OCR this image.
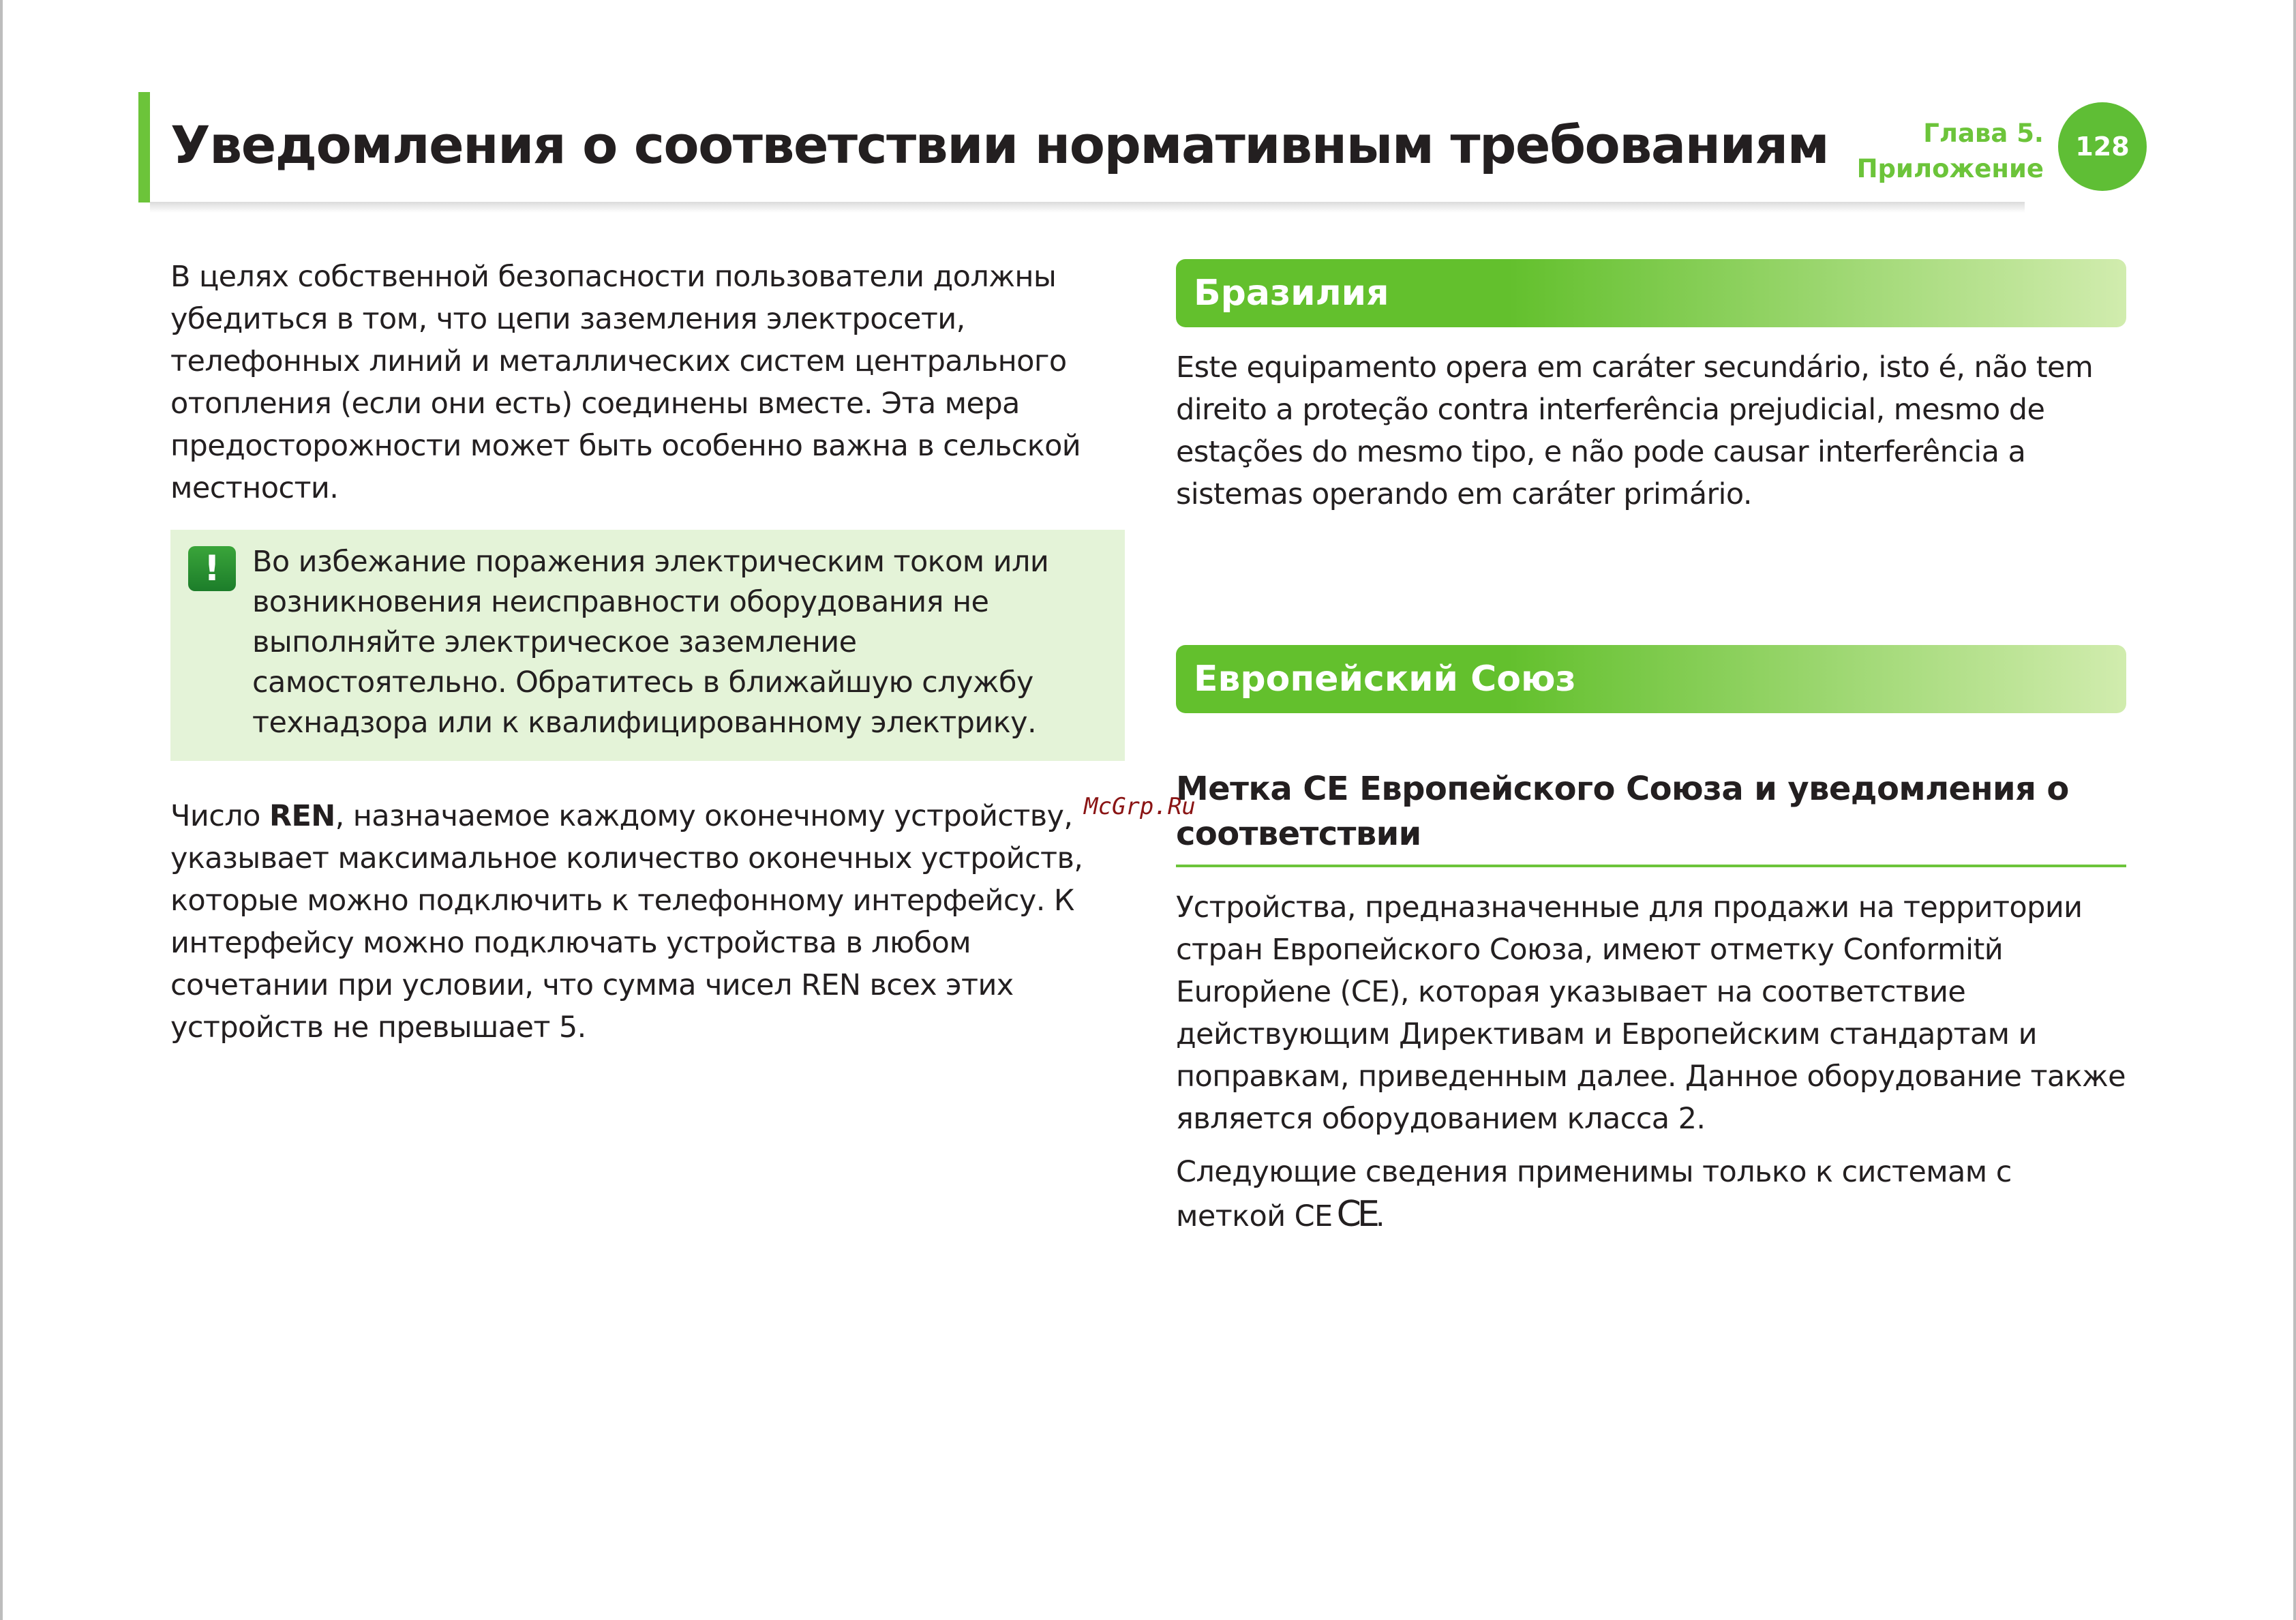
Уведомления о соответствии нормативным требованиям	Глава 5.
Приложение
128

В целях собственной безопасности пользователи должны убедиться в том, что цепи заземления электросети, телефонных линий и металлических систем центрального отопления (если они есть) соединены вместе. Эта мера предосторожности может быть особенно важна в сельской местности.

!	Во избежание поражения электрическим током или возникновения неисправности оборудования не выполняйте электрическое заземление самостоятельно. Обратитесь в ближайшую службу технадзора или к квалифицированному электрику.

Число REN, назначаемое каждому оконечному устройству, указывает максимальное количество оконечных устройств, которые можно подключить к телефонному интерфейсу. К интерфейсу можно подключать устройства в любом сочетании при условии, что сумма чисел REN всех этих устройств не превышает 5.

Бразилия

Este equipamento opera em caráter secundário, isto é, não tem direito a proteção contra interferência prejudicial, mesmo de estações do mesmo tipo, e não pode causar interferência a sistemas operando em caráter primário.

Европейский Союз
Метка CE Европейского Союза и уведомления о соответствии

Устройства, предназначенные для продажи на территории стран Европейского Союза, имеют отметку Conformitй Europйene (CE), которая указывает на соответствие действующим Директивам и Европейским стандартам и поправкам, приведенным далее. Данное оборудование также является оборудованием класса 2.

Следующие сведения применимы только к системам с меткой CE CE.

McGrp.Ru
